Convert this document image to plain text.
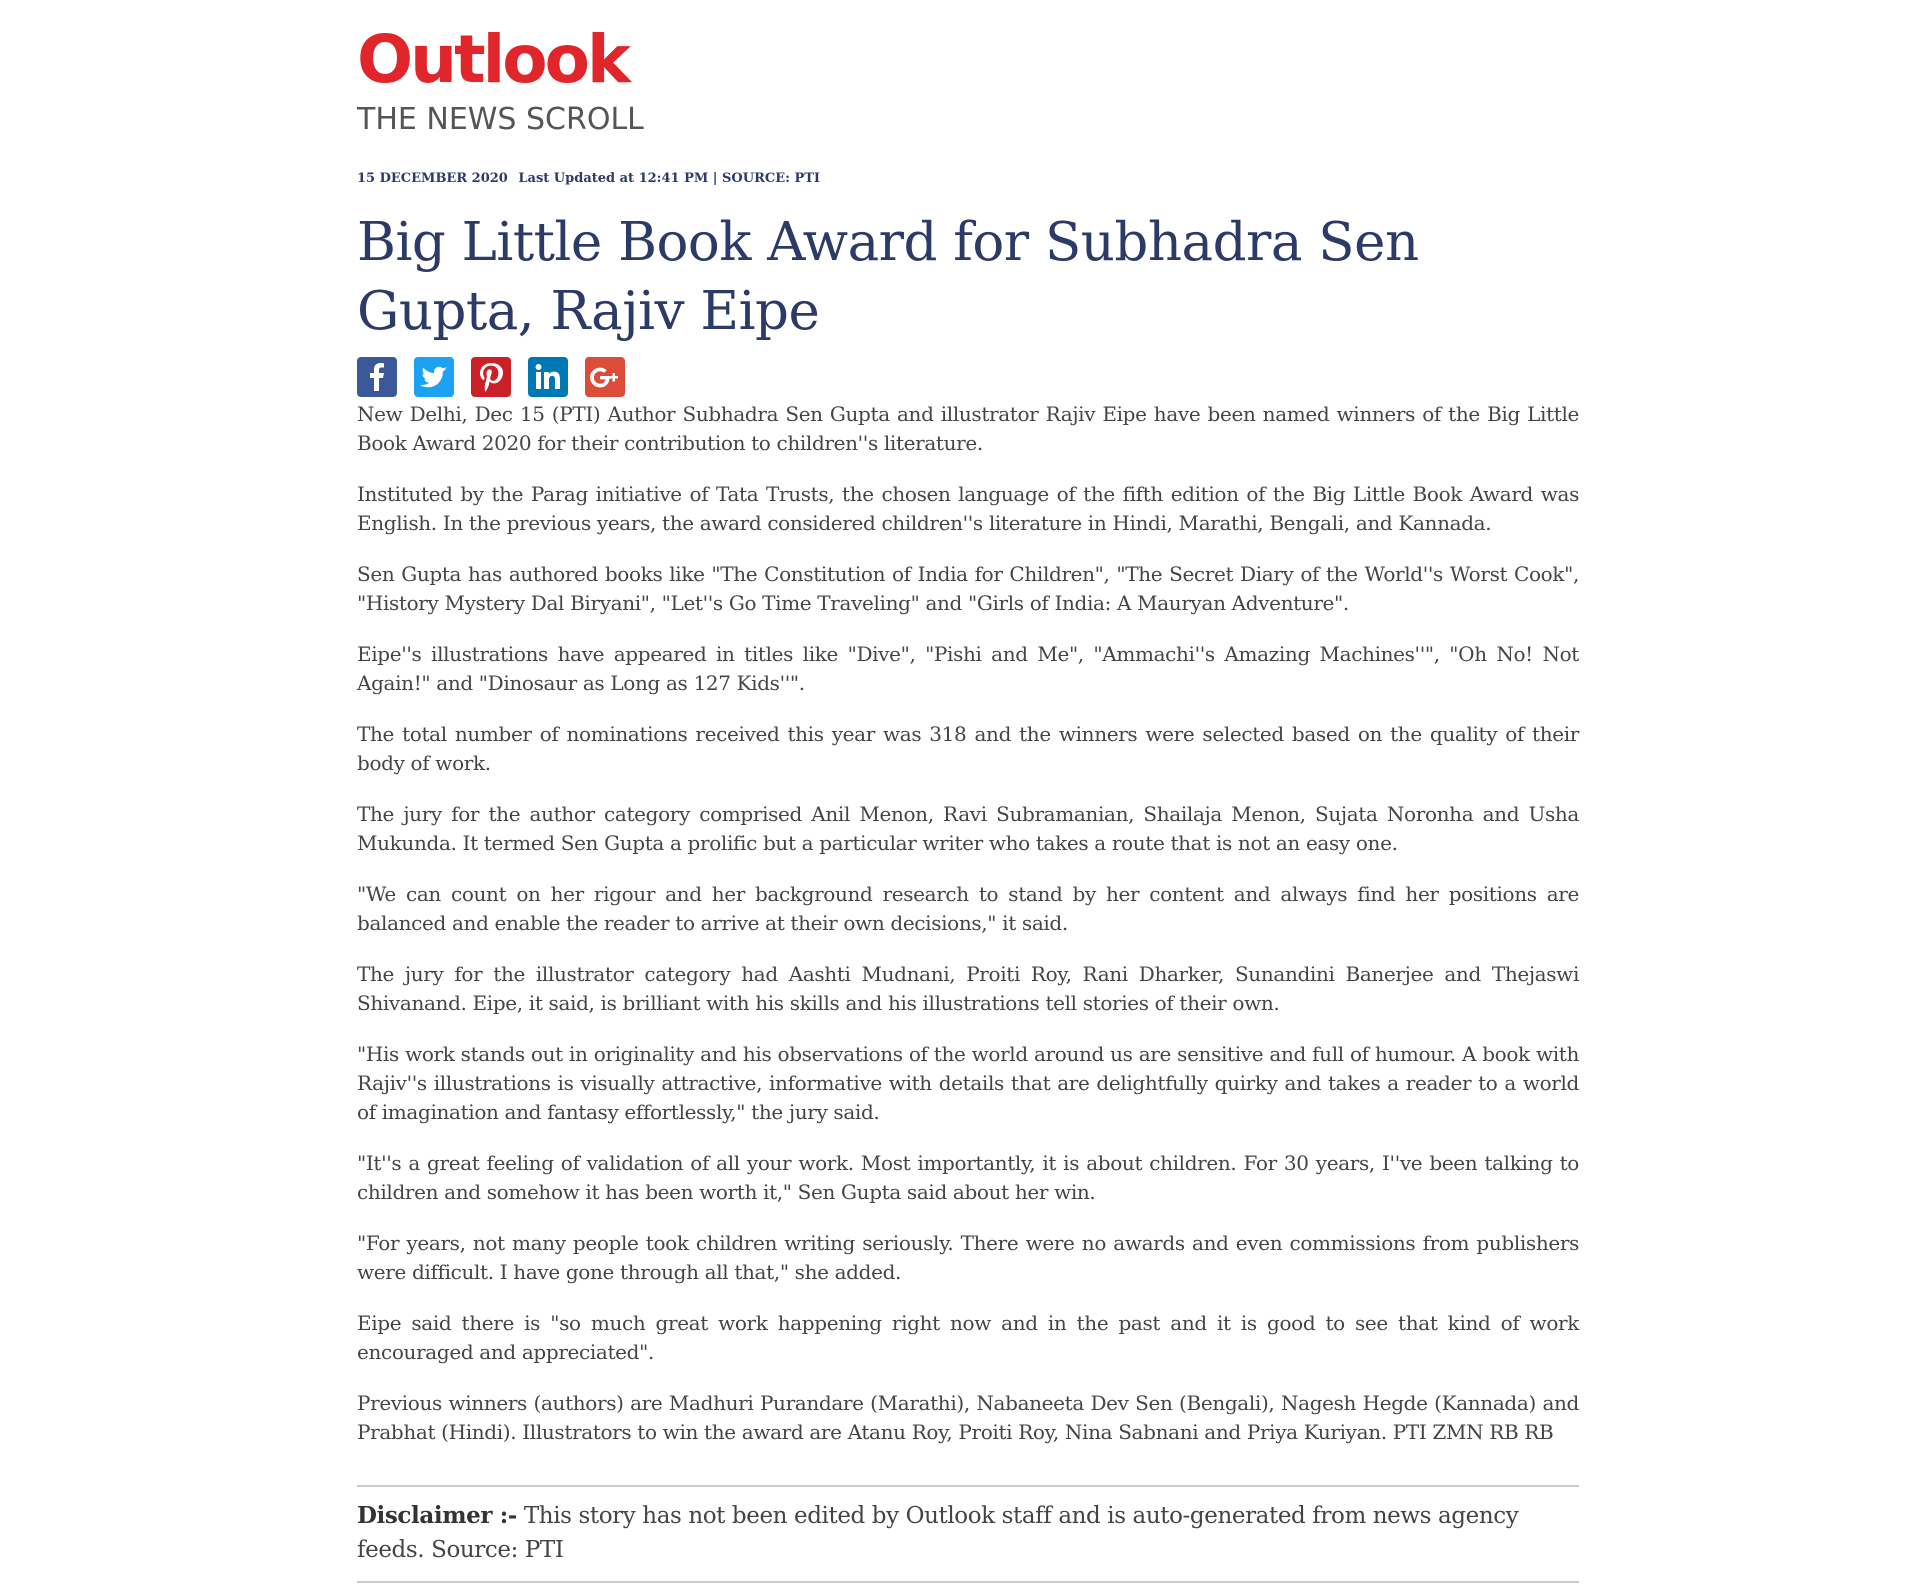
Outlook
THE NEWS SCROLL
15 DECEMBER 2020 Last Updated at 12:41 PM | SOURCE: PTI
Big Little Book Award for Subhadra Sen Gupta, Rajiv Eipe

New Delhi, Dec 15 (PTI) Author Subhadra Sen Gupta and illustrator Rajiv Eipe have been named winners of the Big Little Book Award 2020 for their contribution to children''s literature.

Instituted by the Parag initiative of Tata Trusts, the chosen language of the fifth edition of the Big Little Book Award was English. In the previous years, the award considered children''s literature in Hindi, Marathi, Bengali, and Kannada.

Sen Gupta has authored books like "The Constitution of India for Children", "The Secret Diary of the World''s Worst Cook", "History Mystery Dal Biryani", "Let''s Go Time Traveling" and "Girls of India: A Mauryan Adventure".

Eipe''s illustrations have appeared in titles like "Dive", "Pishi and Me", "Ammachi''s Amazing Machines''", "Oh No! Not Again!" and "Dinosaur as Long as 127 Kids''".

The total number of nominations received this year was 318 and the winners were selected based on the quality of their body of work.

The jury for the author category comprised Anil Menon, Ravi Subramanian, Shailaja Menon, Sujata Noronha and Usha Mukunda. It termed Sen Gupta a prolific but a particular writer who takes a route that is not an easy one.

"We can count on her rigour and her background research to stand by her content and always find her positions are balanced and enable the reader to arrive at their own decisions," it said.

The jury for the illustrator category had Aashti Mudnani, Proiti Roy, Rani Dharker, Sunandini Banerjee and Thejaswi Shivanand. Eipe, it said, is brilliant with his skills and his illustrations tell stories of their own.

"His work stands out in originality and his observations of the world around us are sensitive and full of humour. A book with Rajiv''s illustrations is visually attractive, informative with details that are delightfully quirky and takes a reader to a world of imagination and fantasy effortlessly," the jury said.

"It''s a great feeling of validation of all your work. Most importantly, it is about children. For 30 years, I''ve been talking to children and somehow it has been worth it," Sen Gupta said about her win.

"For years, not many people took children writing seriously. There were no awards and even commissions from publishers were difficult. I have gone through all that," she added.

Eipe said there is "so much great work happening right now and in the past and it is good to see that kind of work encouraged and appreciated".

Previous winners (authors) are Madhuri Purandare (Marathi), Nabaneeta Dev Sen (Bengali), Nagesh Hegde (Kannada) and Prabhat (Hindi). Illustrators to win the award are Atanu Roy, Proiti Roy, Nina Sabnani and Priya Kuriyan. PTI ZMN RB RB

Disclaimer :- This story has not been edited by Outlook staff and is auto-generated from news agency feeds. Source: PTI
